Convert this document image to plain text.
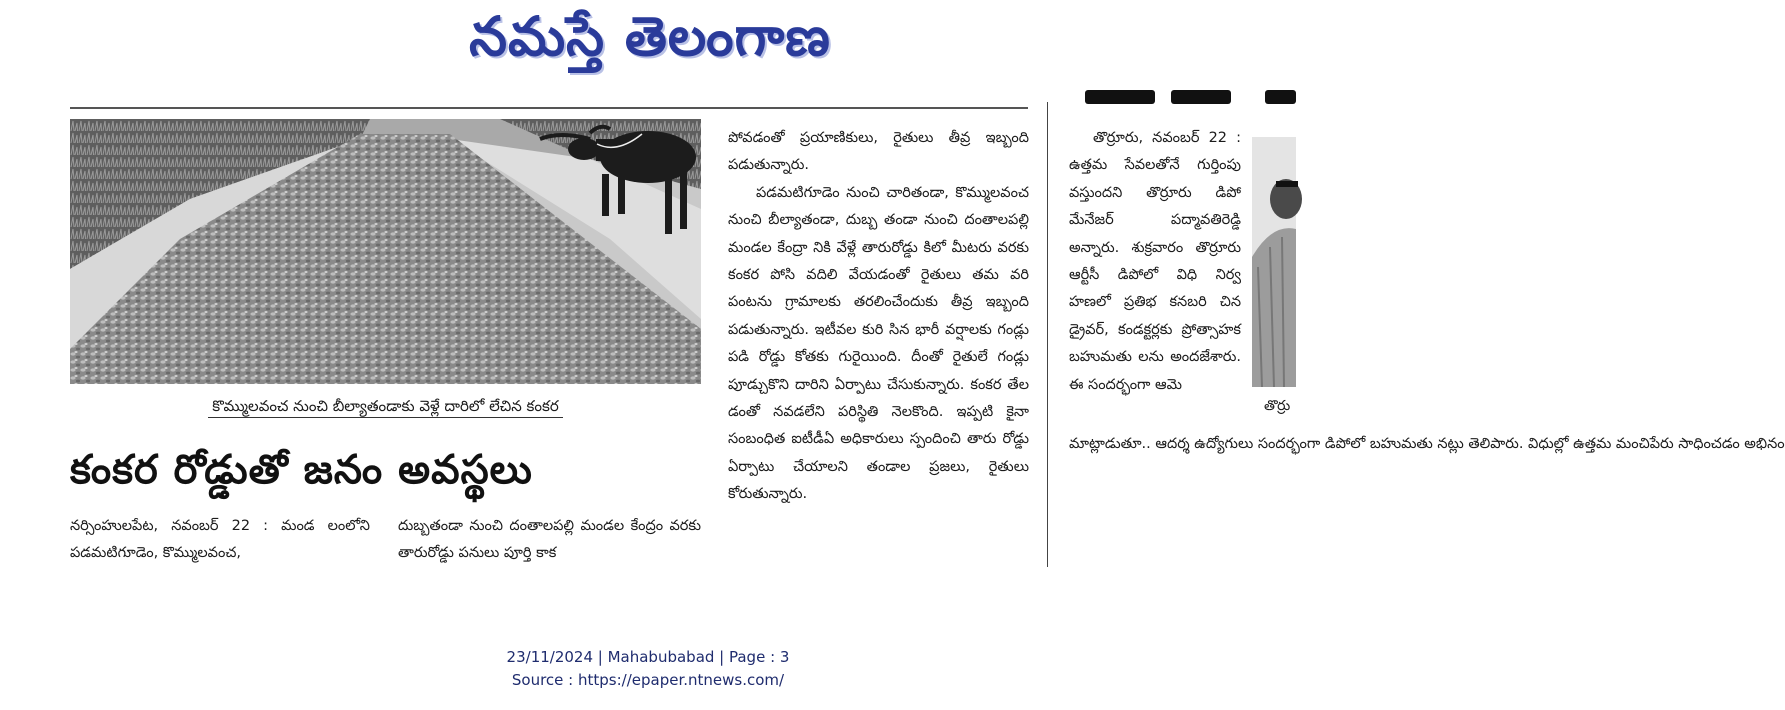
నమస్తే తెలంగాణ
కొమ్ములవంచ నుంచి బీల్యాతండాకు వెళ్లే దారిలో లేచిన కంకర
కంకర రోడ్డుతో జనం అవస్థలు

నర్సింహులపేట, నవంబర్ 22 : మండ లంలోని పడమటిగూడెం, కొమ్ములవంచ,

దుబ్బతండా నుంచి దంతాలపల్లి మండల కేంద్రం వరకు తారురోడ్డు పనులు పూర్తి కాక

పోవడంతో ప్రయాణికులు, రైతులు తీవ్ర ఇబ్బంది పడుతున్నారు.

పడమటిగూడెం నుంచి చారితండా, కొమ్ములవంచ నుంచి బీల్యాతండా, దుబ్బ తండా నుంచి దంతాలపల్లి మండల కేంద్రా నికి వేళ్లే తారురోడ్డు కిలో మీటరు వరకు కంకర పోసి వదిలి వేయడంతో రైతులు తమ వరి పంటను గ్రామాలకు తరలించేందుకు తీవ్ర ఇబ్బంది పడుతున్నారు. ఇటీవల కురి సిన భారీ వర్షాలకు గండ్లు పడి రోడ్డు కోతకు గురైయింది. దీంతో రైతులే గండ్లు పూడ్చుకొని దారిని ఏర్పాటు చేసుకున్నారు. కంకర తేల డంతో నవడలేని పరిస్థితి నెలకొంది. ఇప్పటి కైనా సంబంధిత ఐటీడీఏ అధికారులు స్పందించి తారు రోడ్డు ఏర్పాటు చేయాలని తండాల ప్రజలు, రైతులు కోరుతున్నారు.

తొర్రూరు, నవంబర్ 22 : ఉత్తమ సేవలతోనే గుర్తింపు వస్తుందని తొర్రూరు డిపో మేనేజర్ పద్మావతిరెడ్డి అన్నారు. శుక్రవారం తొర్రూరు ఆర్టీసీ డిపోలో విధి నిర్వ హణలో ప్రతిభ కనబరి చిన డ్రైవర్, కండక్టర్లకు ప్రోత్సాహక బహుమతు లను అందజేశారు. ఈ సందర్భంగా ఆమె

మాట్లాడుతూ.. ఆదర్శ ఉద్యోగులు సందర్భంగా డిపోలో బహుమతు నట్లు తెలిపారు. విధుల్లో ఉత్తమ మంచిపేరు సాధించడం అభినం

తొర్రు
23/11/2024 | Mahabubabad | Page : 3
Source : https://epaper.ntnews.com/
